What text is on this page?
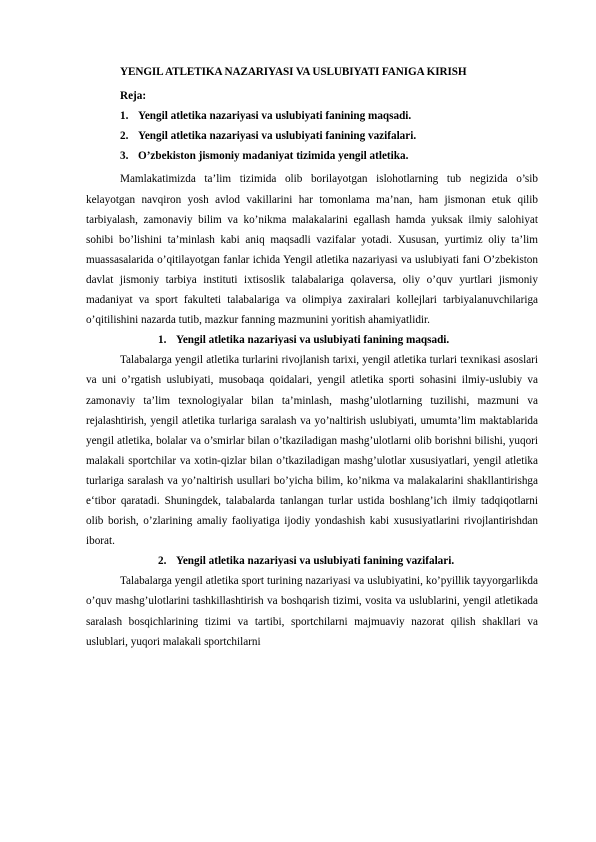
YENGIL ATLETIKA NAZARIYASI VA USLUBIYATI FANIGA KIRISH
Reja:
1. Yengil atletika nazariyasi va uslubiyati fanining maqsadi.
2. Yengil atletika nazariyasi va uslubiyati fanining vazifalari.
3. O’zbekiston jismoniy madaniyat tizimida yengil atletika.

Mamlakatimizda ta’lim tizimida olib borilayotgan islohotlarning tub negizida o’sib kelayotgan navqiron yosh avlod vakillarini har tomonlama ma’nan, ham jismonan etuk qilib tarbiyalash, zamonaviy bilim va ko’nikma malakalarini egallash hamda yuksak ilmiy salohiyat sohibi bo’lishini ta’minlash kabi aniq maqsadli vazifalar yotadi. Xususan, yurtimiz oliy ta’lim muassasalarida o’qitilayotgan fanlar ichida Yengil atletika nazariyasi va uslubiyati fani O’zbekiston davlat jismoniy tarbiya instituti ixtisoslik talabalariga qolaversa, oliy o’quv yurtlari jismoniy madaniyat va sport fakulteti talabalariga va olimpiya zaxiralari kollejlari tarbiyalanuvchilariga o’qitilishini nazarda tutib, mazkur fanning mazmunini yoritish ahamiyatlidir.

1. Yengil atletika nazariyasi va uslubiyati fanining maqsadi.

Talabalarga yengil atletika turlarini rivojlanish tarixi, yengil atletika turlari texnikasi asoslari va uni o’rgatish uslubiyati, musobaqa qoidalari, yengil atletika sporti sohasini ilmiy-uslubiy va zamonaviy ta’lim texnologiyalar bilan ta’minlash, mashg’ulotlarning tuzilishi, mazmuni va rejalashtirish, yengil atletika turlariga saralash va yo’naltirish uslubiyati, umumta’lim maktablarida yengil atletika, bolalar va o’smirlar bilan o’tkaziladigan mashg’ulotlarni olib borishni bilishi, yuqori malakali sportchilar va xotin-qizlar bilan o’tkaziladigan mashg’ulotlar xususiyatlari, yengil atletika turlariga saralash va yo’naltirish usullari bo’yicha bilim, ko’nikma va malakalarini shakllantirishga e‘tibor qaratadi. Shuningdek, talabalarda tanlangan turlar ustida boshlang’ich ilmiy tadqiqotlarni olib borish, o’zlarining amaliy faoliyatiga ijodiy yondashish kabi xususiyatlarini rivojlantirishdan iborat.

2. Yengil atletika nazariyasi va uslubiyati fanining vazifalari.

Talabalarga yengil atletika sport turining nazariyasi va uslubiyatini, ko’pyillik tayyorgarlikda o’quv mashg’ulotlarini tashkillashtirish va boshqarish tizimi, vosita va uslublarini, yengil atletikada saralash bosqichlarining tizimi va tartibi, sportchilarni majmuaviy nazorat qilish shakllari va uslublari, yuqori malakali sportchilarni
